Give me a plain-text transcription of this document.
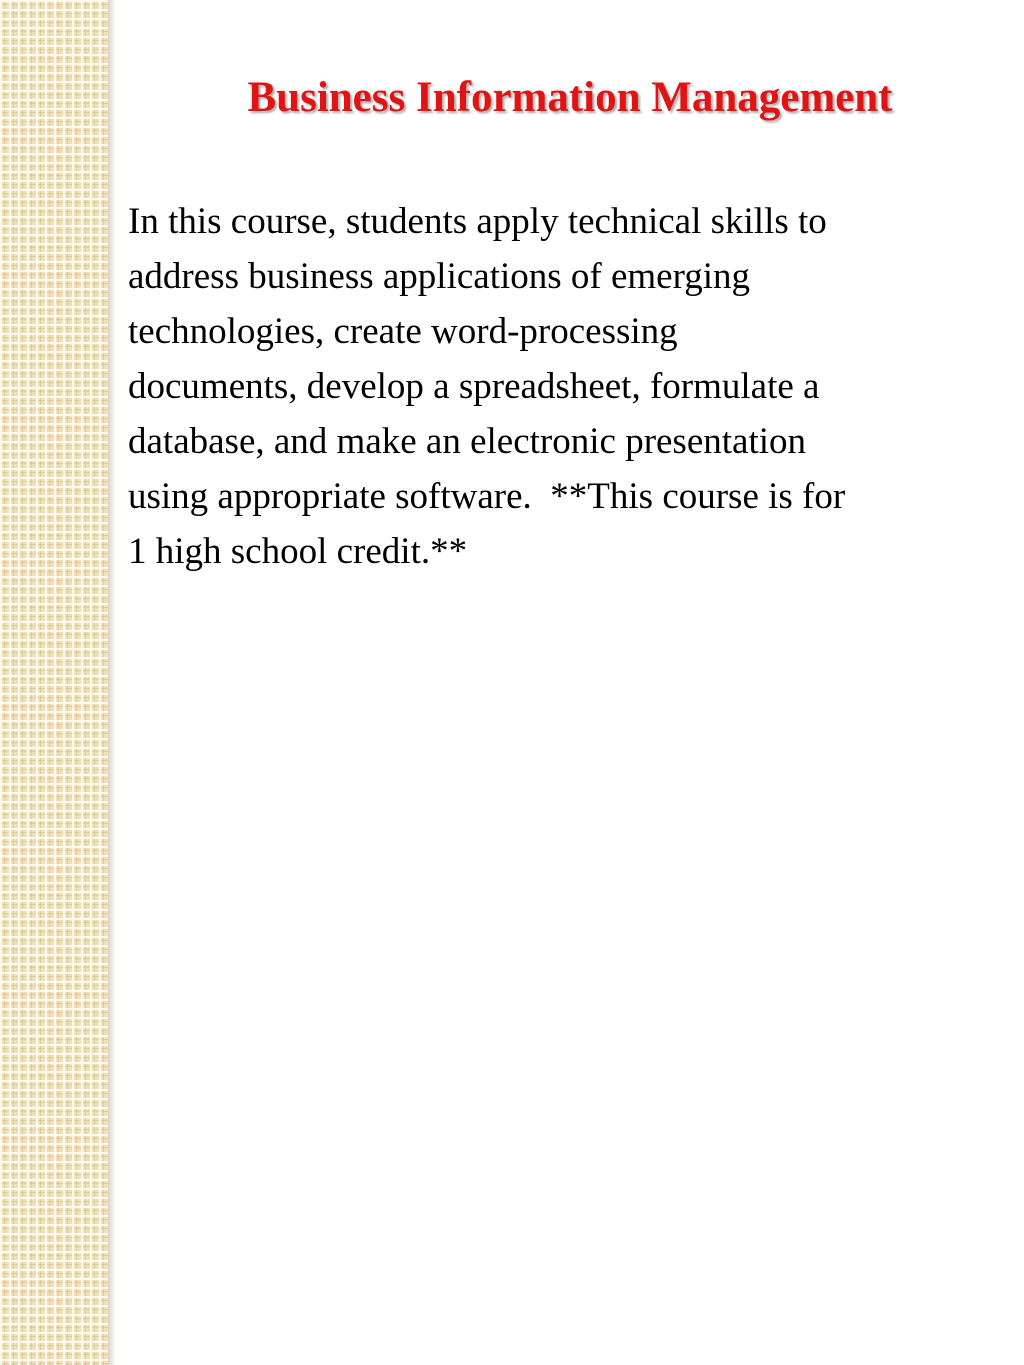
Business Information Management

In this course, students apply technical skills to
address business applications of emerging
technologies, create word-processing
documents, develop a spreadsheet, formulate a
database, and make an electronic presentation
using appropriate software.  **This course is for
1 high school credit.**
